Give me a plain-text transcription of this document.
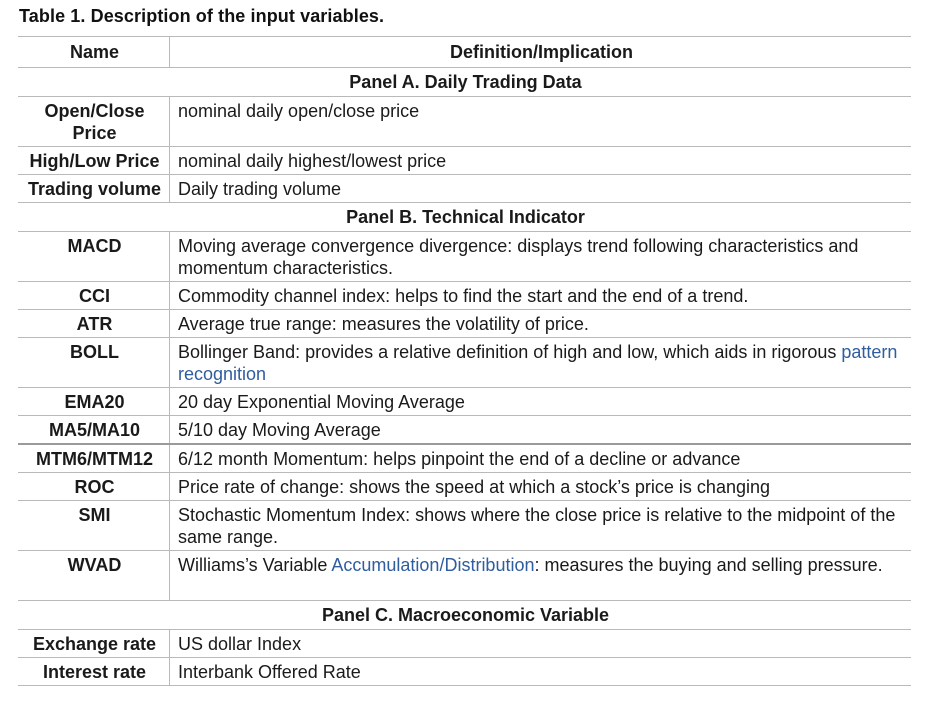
Table 1. Description of the input variables.
Name	Definition/Implication
Panel A. Daily Trading Data	
Open/Close Price	nominal daily open/close price
High/Low Price	nominal daily highest/lowest price
Trading volume	Daily trading volume
Panel B. Technical Indicator	
MACD	Moving average convergence divergence: displays trend following characteristics and momentum characteristics.
CCI	Commodity channel index: helps to find the start and the end of a trend.
ATR	Average true range: measures the volatility of price.
BOLL	Bollinger Band: provides a relative definition of high and low, which aids in rigorous pattern recognition
EMA20	20 day Exponential Moving Average
MA5/MA10	5/10 day Moving Average
MTM6/MTM12	6/12 month Momentum: helps pinpoint the end of a decline or advance
ROC	Price rate of change: shows the speed at which a stock’s price is changing
SMI	Stochastic Momentum Index: shows where the close price is relative to the midpoint of the same range.
WVAD	Williams’s Variable Accumulation/Distribution: measures the buying and selling pressure.
Panel C. Macroeconomic Variable	
Exchange rate	US dollar Index
Interest rate	Interbank Offered Rate
